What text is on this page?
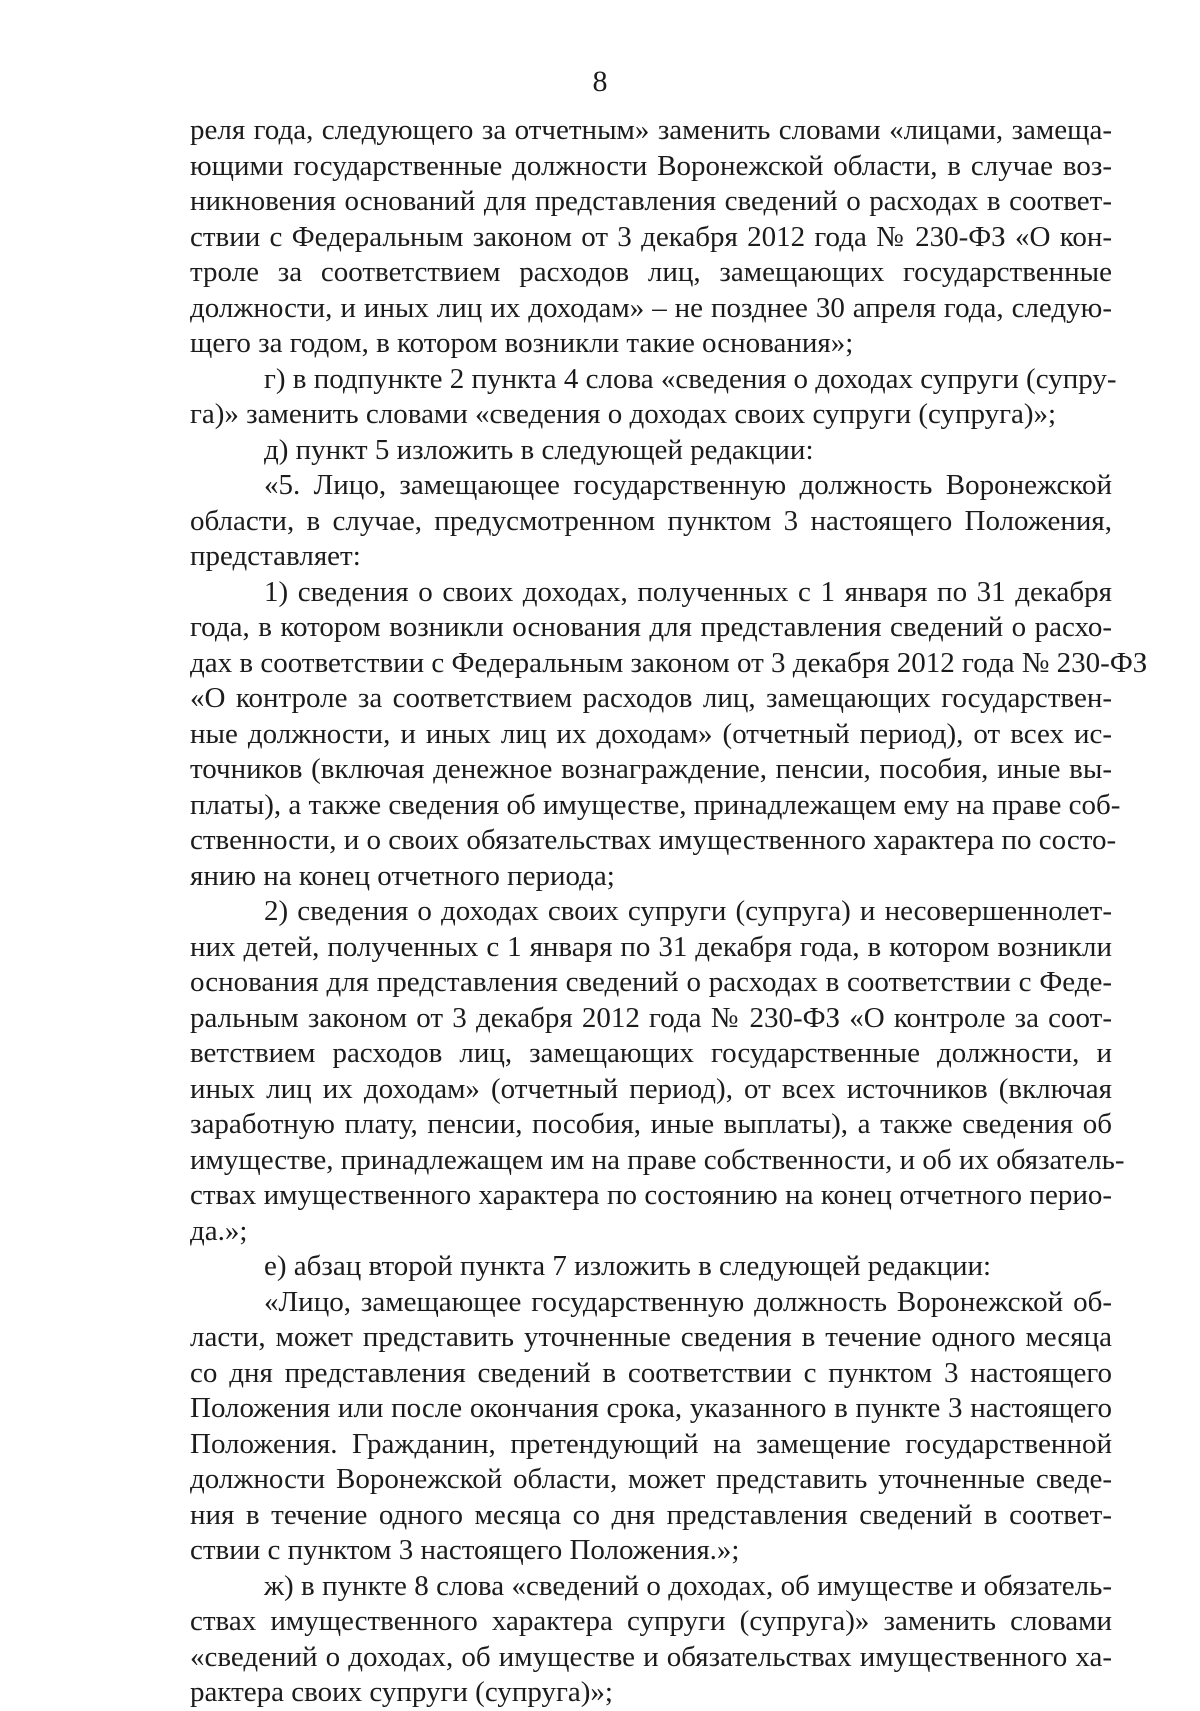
8
реля года, следующего за отчетным» заменить словами «лицами, замеща-
ющими государственные должности Воронежской области, в случае воз-
никновения оснований для представления сведений о расходах в соответ-
ствии с Федеральным законом от 3 декабря 2012 года № 230-ФЗ «О кон-
троле за соответствием расходов лиц, замещающих государственные
должности, и иных лиц их доходам» – не позднее 30 апреля года, следую-
щего за годом, в котором возникли такие основания»;
г) в подпункте 2 пункта 4 слова «сведения о доходах супруги (супру-
га)» заменить словами «сведения о доходах своих супруги (супруга)»;
д) пункт 5 изложить в следующей редакции:
«5. Лицо, замещающее государственную должность Воронежской
области, в случае, предусмотренном пунктом 3 настоящего Положения,
представляет:
1) сведения о своих доходах, полученных с 1 января по 31 декабря
года, в котором возникли основания для представления сведений о расхо-
дах в соответствии с Федеральным законом от 3 декабря 2012 года № 230-ФЗ
«О контроле за соответствием расходов лиц, замещающих государствен-
ные должности, и иных лиц их доходам» (отчетный период), от всех ис-
точников (включая денежное вознаграждение, пенсии, пособия, иные вы-
платы), а также сведения об имуществе, принадлежащем ему на праве соб-
ственности, и о своих обязательствах имущественного характера по состо-
янию на конец отчетного периода;
2) сведения о доходах своих супруги (супруга) и несовершеннолет-
них детей, полученных с 1 января по 31 декабря года, в котором возникли
основания для представления сведений о расходах в соответствии с Феде-
ральным законом от 3 декабря 2012 года № 230-ФЗ «О контроле за соот-
ветствием расходов лиц, замещающих государственные должности, и
иных лиц их доходам» (отчетный период), от всех источников (включая
заработную плату, пенсии, пособия, иные выплаты), а также сведения об
имуществе, принадлежащем им на праве собственности, и об их обязатель-
ствах имущественного характера по состоянию на конец отчетного перио-
да.»;
е) абзац второй пункта 7 изложить в следующей редакции:
«Лицо, замещающее государственную должность Воронежской об-
ласти, может представить уточненные сведения в течение одного месяца
со дня представления сведений в соответствии с пунктом 3 настоящего
Положения или после окончания срока, указанного в пункте 3 настоящего
Положения. Гражданин, претендующий на замещение государственной
должности Воронежской области, может представить уточненные сведе-
ния в течение одного месяца со дня представления сведений в соответ-
ствии с пунктом 3 настоящего Положения.»;
ж) в пункте 8 слова «сведений о доходах, об имуществе и обязатель-
ствах имущественного характера супруги (супруга)» заменить словами
«сведений о доходах, об имуществе и обязательствах имущественного ха-
рактера своих супруги (супруга)»;
